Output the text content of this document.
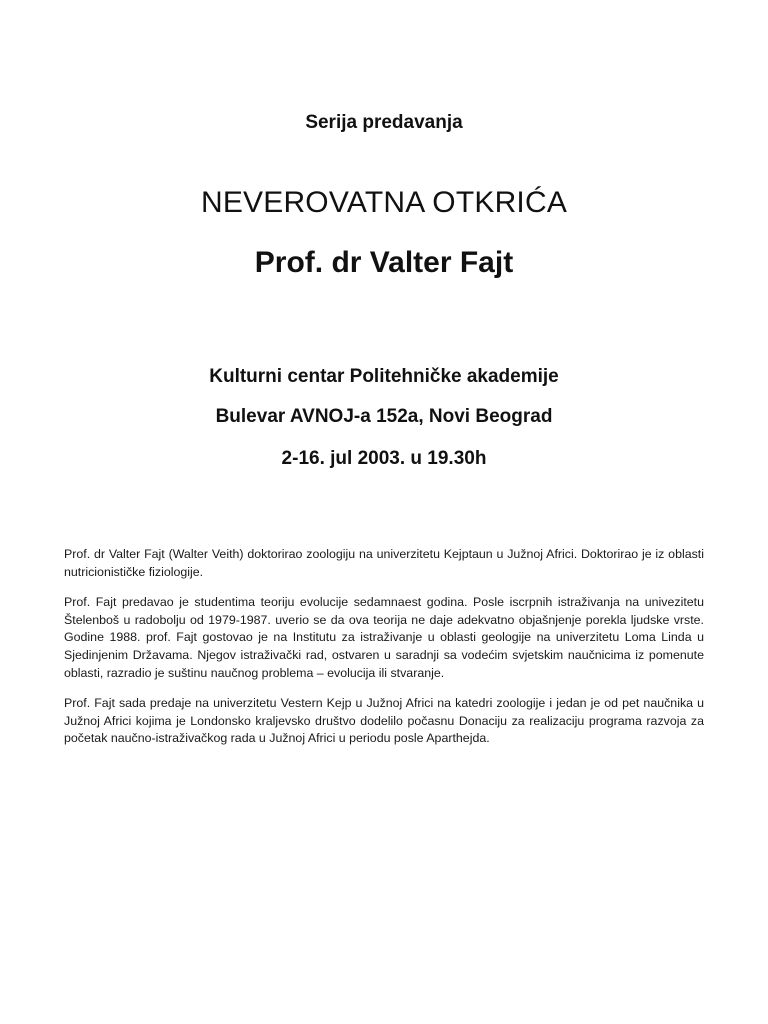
Serija predavanja
NEVEROVATNA OTKRIĆA
Prof. dr Valter Fajt
Kulturni centar Politehničke akademije
Bulevar AVNOJ-a 152a, Novi Beograd
2-16. jul 2003. u 19.30h

Prof. dr Valter Fajt (Walter Veith) doktorirao zoologiju na univerzitetu Kejptaun u Južnoj Africi. Doktorirao je iz oblasti nutricionističke fiziologije.

Prof. Fajt predavao je studentima teoriju evolucije sedamnaest godina. Posle iscrpnih istraživanja na univezitetu Štelenboš u radobolju od 1979-1987. uverio se da ova teorija ne daje adekvatno objašnjenje porekla ljudske vrste. Godine 1988. prof. Fajt gostovao je na Institutu za istraživanje u oblasti geologije na univerzitetu Loma Linda u Sjedinjenim Državama. Njegov istraživački rad, ostvaren u saradnji sa vodećim svjetskim naučnicima iz pomenute oblasti, razradio je suštinu naučnog problema – evolucija ili stvaranje.

Prof. Fajt sada predaje na univerzitetu Vestern Kejp u Južnoj Africi na katedri zoologije i jedan je od pet naučnika u Južnoj Africi kojima je Londonsko kraljevsko društvo dodelilo počasnu Donaciju za realizaciju programa razvoja za početak naučno-istraživačkog rada u Južnoj Africi u periodu posle Aparthejda.
